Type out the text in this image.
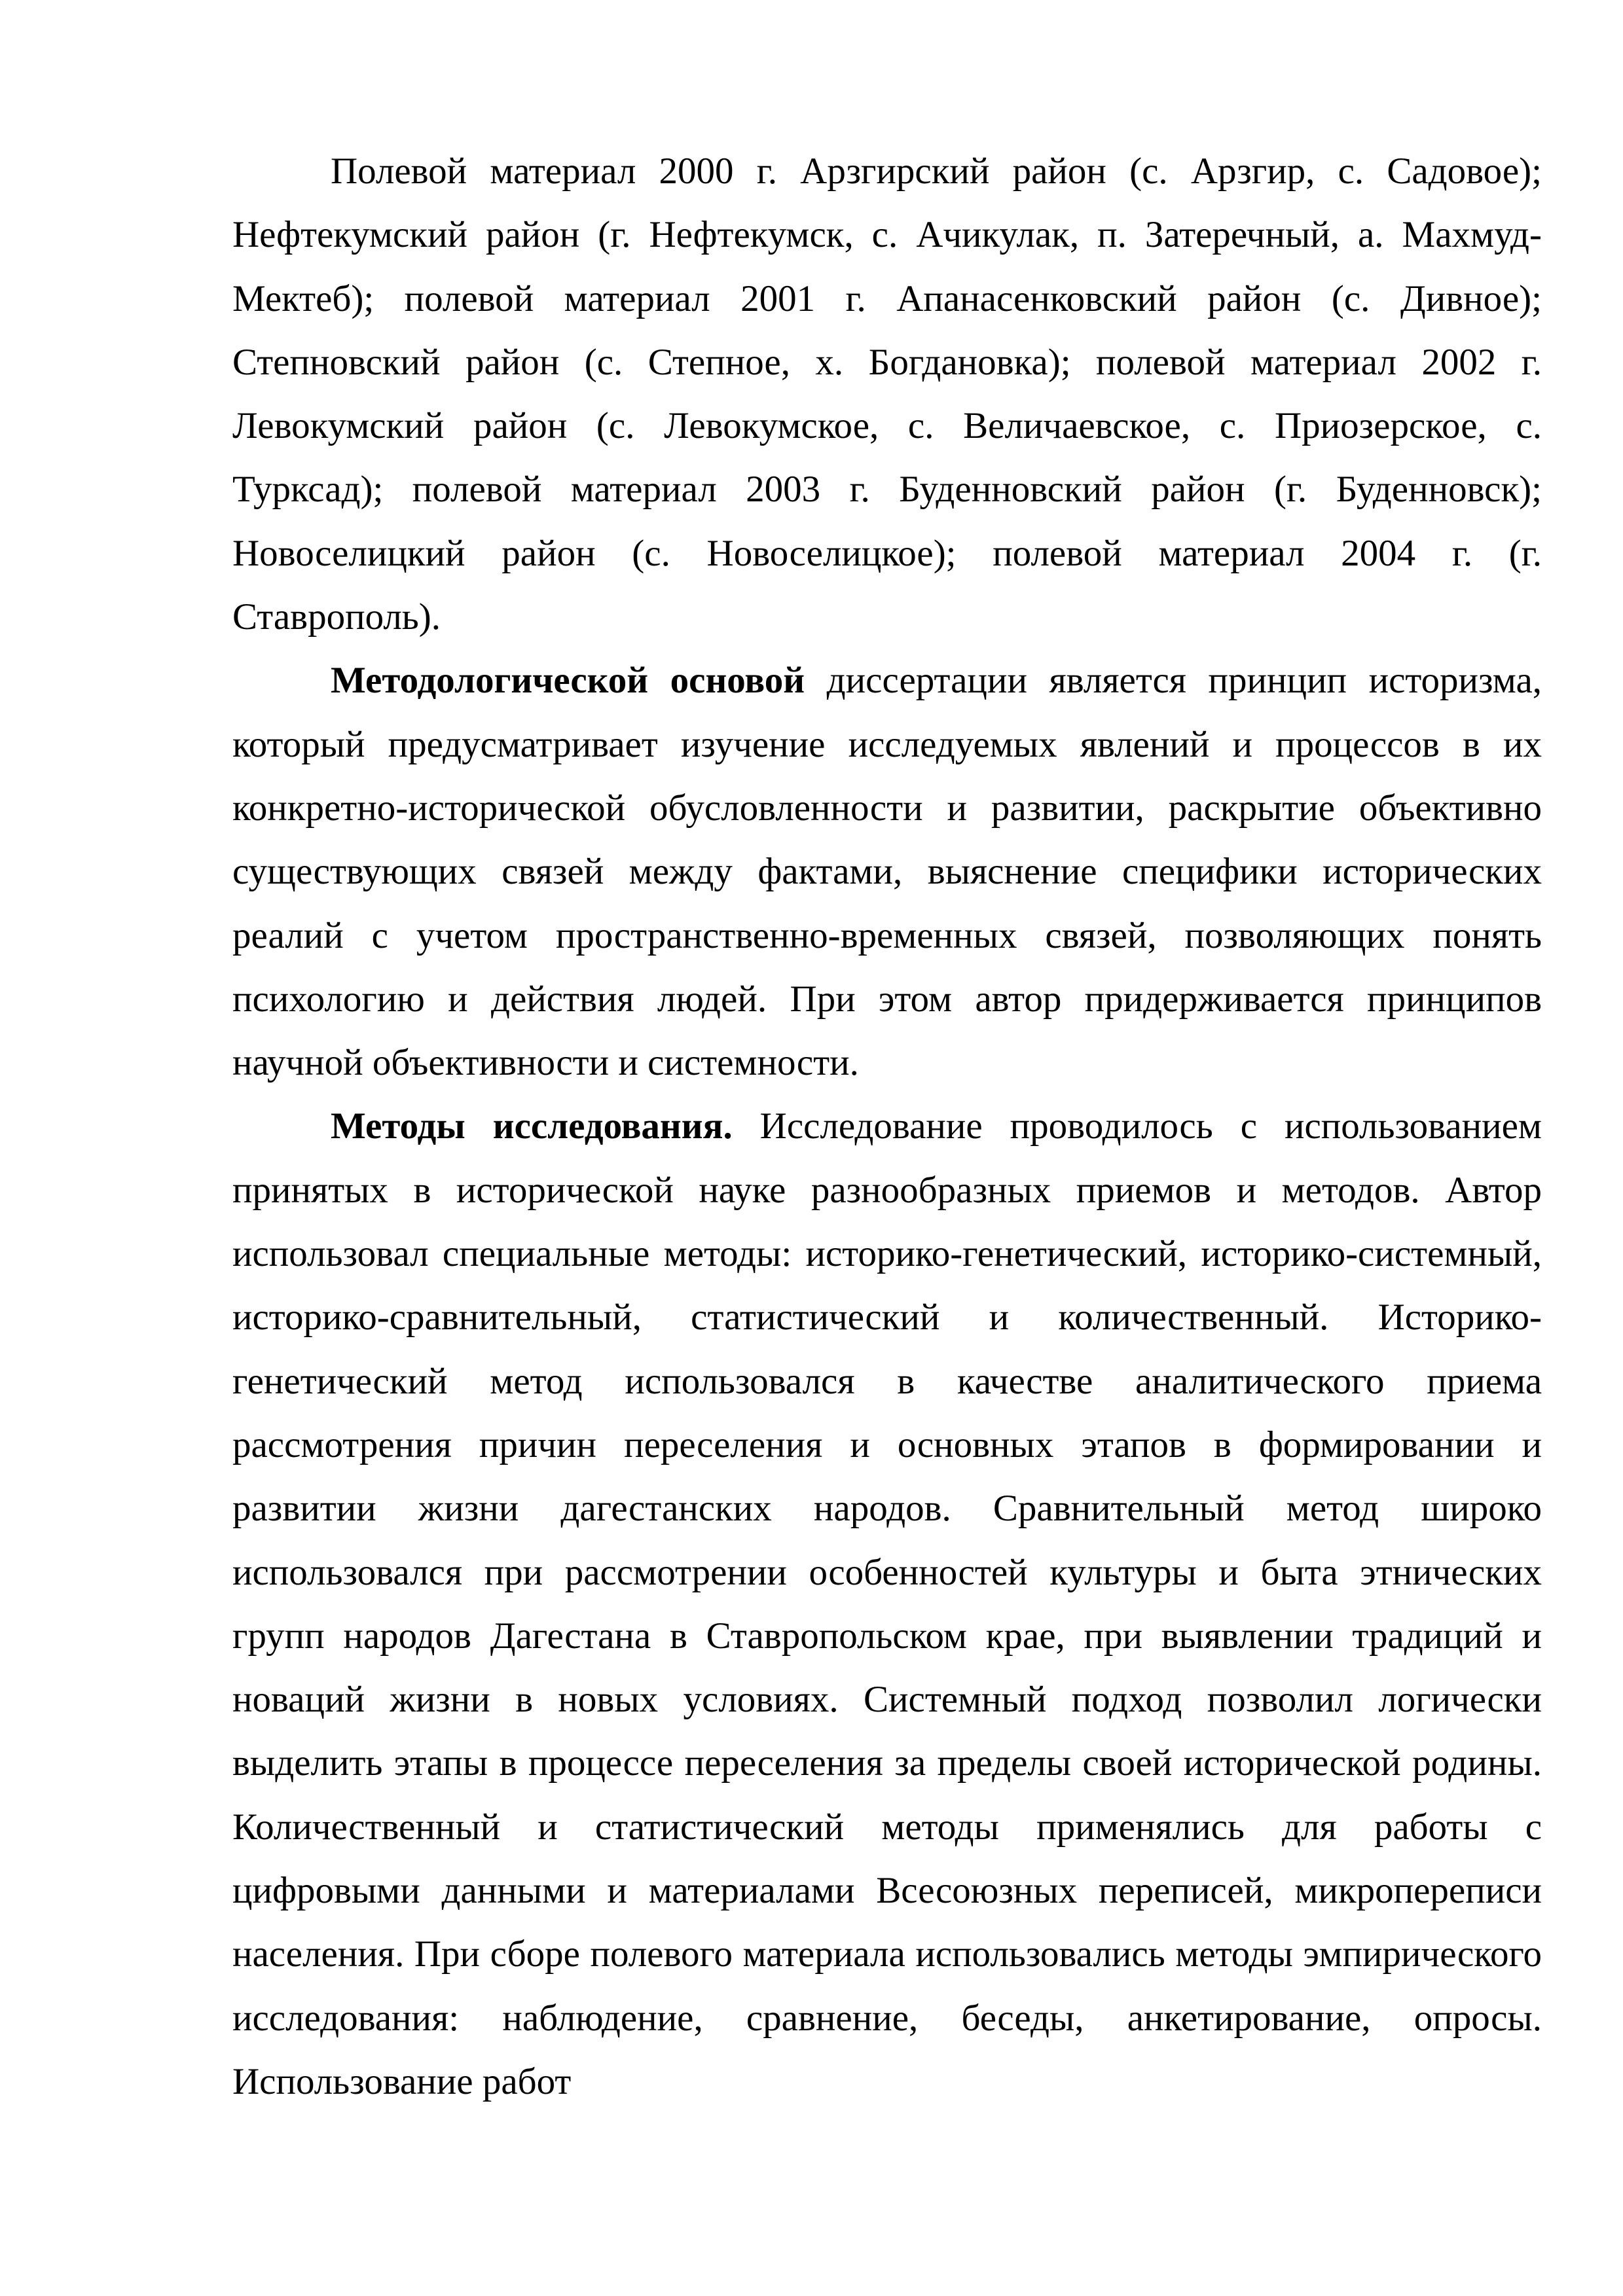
Полевой материал 2000 г. Арзгирский район (с. Арзгир, с. Садовое); Нефтекумский район (г. Нефтекумск, с. Ачикулак, п. Затеречный, а. Махмуд-Мектеб); полевой материал 2001 г. Апанасенковский район (с. Дивное); Степновский район (с. Степное, х. Богдановка); полевой материал 2002 г. Левокумский район (с. Левокумское, с. Величаевское, с. Приозерское, с. Турксад); полевой материал 2003 г. Буденновский район (г. Буденновск); Новоселицкий район (с. Новоселицкое); полевой материал 2004 г. (г. Ставрополь).

Методологической основой диссертации является принцип историзма, который предусматривает изучение исследуемых явлений и процессов в их конкретно-исторической обусловленности и развитии, раскрытие объективно существующих связей между фактами, выяснение специфики исторических реалий с учетом пространственно-временных связей, позволяющих понять психологию и действия людей. При этом автор придерживается принципов научной объективности и системности.

Методы исследования. Исследование проводилось с использованием принятых в исторической науке разнообразных приемов и методов. Автор использовал специальные методы: историко-генетический, историко-системный, историко-сравнительный, статистический и количественный. Историко-генетический метод использовался в качестве аналитического приема рассмотрения причин переселения и основных этапов в формировании и развитии жизни дагестанских народов. Сравнительный метод широко использовался при рассмотрении особенностей культуры и быта этнических групп народов Дагестана в Ставропольском крае, при выявлении традиций и новаций жизни в новых условиях. Системный подход позволил логически выделить этапы в процессе переселения за пределы своей исторической родины. Количественный и статистический методы применялись для работы с цифровыми данными и материалами Всесоюзных переписей, микропереписи населения. При сборе полевого материала использовались методы эмпирического исследования: наблюдение, сравнение, беседы, анкетирование, опросы. Использование работ
